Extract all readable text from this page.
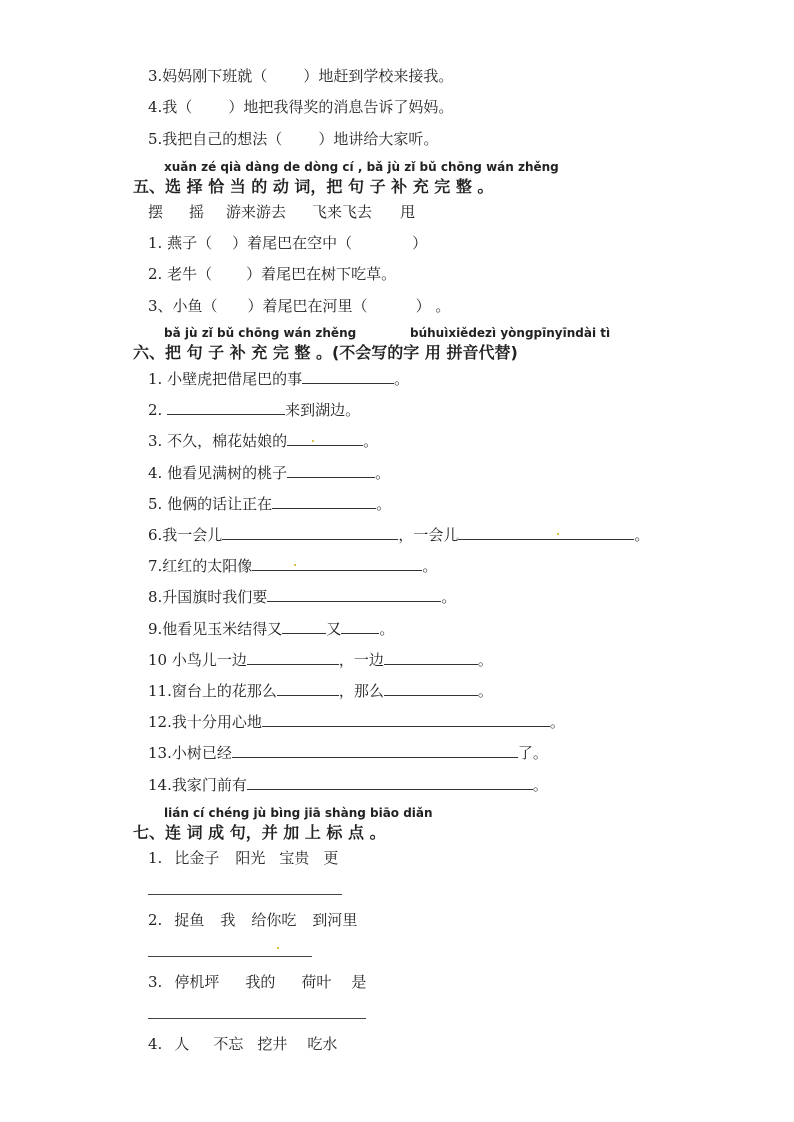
3.妈妈刚下班就（ ）地赶到学校来接我。
4.我（ ）地把我得奖的消息告诉了妈妈。
5.我把自己的想法（ ）地讲给大家听。
xuǎn zé qià dàng de dòng cí , bǎ jù zǐ bǔ chōng wán zhěng
五、选 择 恰 当 的 动 词，把 句 子 补 充 完 整 。
摆 摇 游来游去 飞来飞去 甩
1. 燕子（ ）着尾巴在空中（	）
2. 老牛（ ）着尾巴在树下吃草。
3、小鱼（ ）着尾巴在河里（	） 。
bǎ jù zǐ bǔ chōng wán zhěng	búhuìxiědezì yòngpīnyīndài tì
六、把 句 子 补 充 完 整 。(不会写的字 用 拼音代替)
1. 小壁虎把借尾巴的事	。
2.	来到湖边。
3. 不久，棉花姑娘的	。
4. 他看见满树的桃子	。
5. 他俩的话让正在	。
6.我一会儿	，一会儿	。
7.红红的太阳像	。
8.升国旗时我们要	。
9.他看见玉米结得又	又	。
10 小鸟儿一边	，一边	。
11.窗台上的花那么	，那么	。
12.我十分用心地	。
13.小树已经	了。
14.我家门前有	。
lián cí chéng jù bìng jiā shàng biāo diǎn
七、连 词 成 句，并 加 上 标 点 。
1. 比金子 阳光 宝贵 更
2. 捉鱼 我 给你吃 到河里
3. 停机坪 我的 荷叶 是
4. 人 不忘 挖井 吃水
